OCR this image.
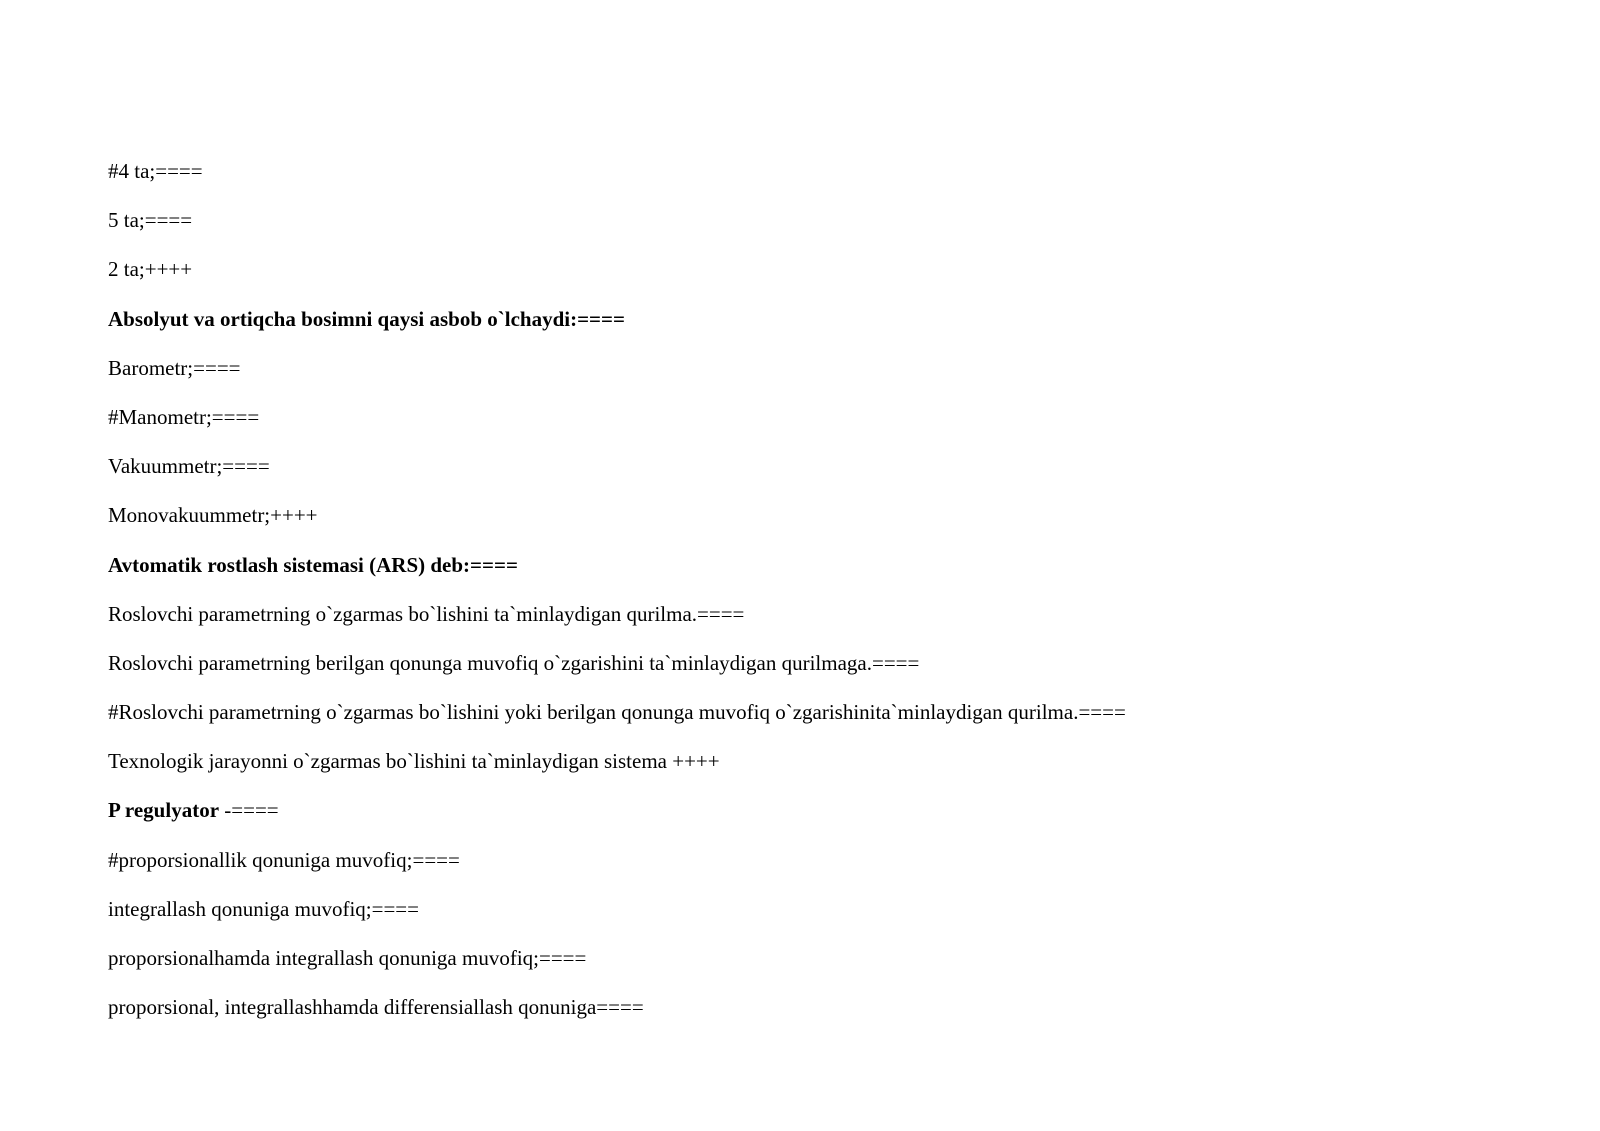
#4 ta;====

5 ta;====

2 ta;++++

Absolyut va ortiqcha bosimni qaysi asbob o`lchaydi:====

Barometr;====

#Manometr;====

Vakuummetr;====

Monovakuummetr;++++

Avtomatik rostlash sistemasi (ARS) deb:====

Roslovchi parametrning o`zgarmas bo`lishini ta`minlaydigan qurilma.====

Roslovchi parametrning berilgan qonunga muvofiq o`zgarishini ta`minlaydigan qurilmaga.====

#Roslovchi parametrning o`zgarmas bo`lishini yoki berilgan qonunga muvofiq o`zgarishinita`minlaydigan qurilma.====

Texnologik jarayonni o`zgarmas bo`lishini ta`minlaydigan sistema ++++

P regulyator -====

#proporsionallik qonuniga muvofiq;====

integrallash qonuniga muvofiq;====

proporsionalhamda integrallash qonuniga muvofiq;====

proporsional, integrallashhamda differensiallash qonuniga====
